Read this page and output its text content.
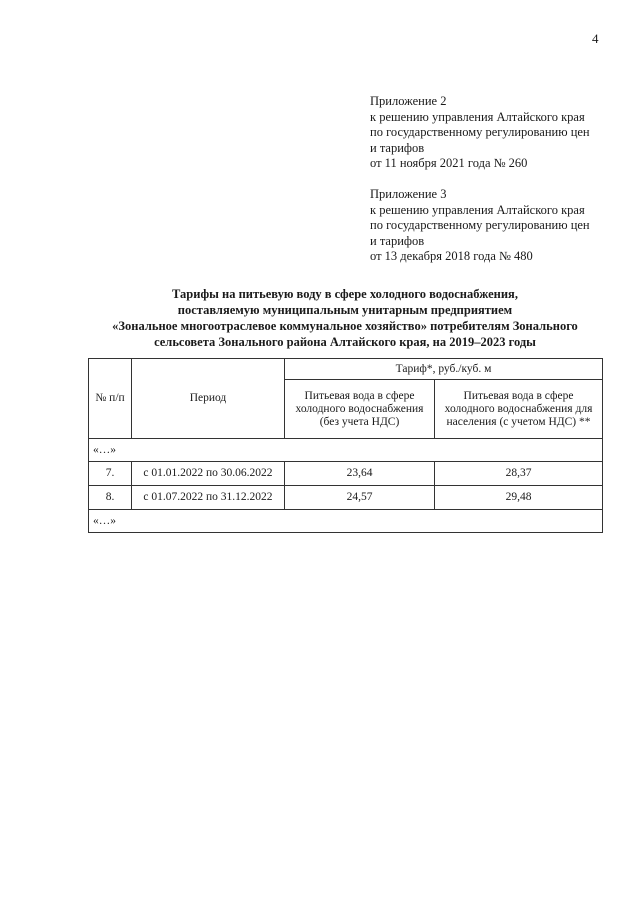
4
Приложение 2
к решению управления Алтайского края
по государственному регулированию цен
и тарифов
от 11 ноября 2021 года № 260
Приложение 3
к решению управления Алтайского края
по государственному регулированию цен
и тарифов
от 13 декабря 2018 года № 480
Тарифы на питьевую воду в сфере холодного водоснабжения,
поставляемую муниципальным унитарным предприятием
«Зональное многоотраслевое коммунальное хозяйство» потребителям Зонального
сельсовета Зонального района Алтайского края, на 2019–2023 годы
№ п/п	Период	Тариф*, руб./куб. м	
		Питьевая вода в сфере холодного водоснабжения (без учета НДС)	Питьевая вода в сфере холодного водоснабжения для населения (с учетом НДС) **
«…»			
7.	с 01.01.2022 по 30.06.2022	23,64	28,37
8.	с 01.07.2022 по 31.12.2022	24,57	29,48
«…»			
